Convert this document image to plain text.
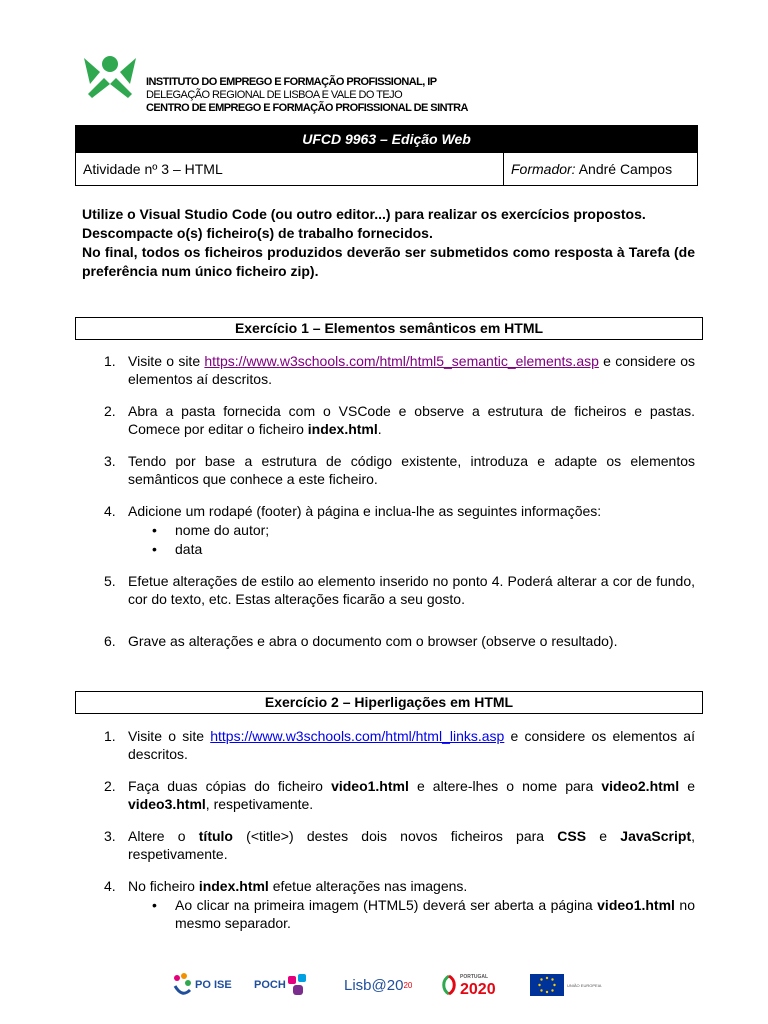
INSTITUTO DO EMPREGO E FORMAÇÃO PROFISSIONAL, IP
DELEGAÇÃO REGIONAL DE LISBOA E VALE DO TEJO
CENTRO DE EMPREGO E FORMAÇÃO PROFISSIONAL DE SINTRA
UFCD 9963 – Edição Web
Atividade nº 3 – HTML	Formador: André Campos

Utilize o Visual Studio Code (ou outro editor...) para realizar os exercícios propostos.

Descompacte o(s) ficheiro(s) de trabalho fornecidos.

No final, todos os ficheiros produzidos deverão ser submetidos como resposta à Tarefa (de preferência num único ficheiro zip).

Exercício 1 – Elementos semânticos em HTML
1. Visite o site https://www.w3schools.com/html/html5_semantic_elements.asp e considere os elementos aí descritos.
2. Abra a pasta fornecida com o VSCode e observe a estrutura de ficheiros e pastas. Comece por editar o ficheiro index.html.
3. Tendo por base a estrutura de código existente, introduza e adapte os elementos semânticos que conhece a este ficheiro.
4. Adicione um rodapé (footer) à página e inclua-lhe as seguintes informações:
• nome do autor;
• data
5. Efetue alterações de estilo ao elemento inserido no ponto 4. Poderá alterar a cor de fundo, cor do texto, etc. Estas alterações ficarão a seu gosto.
6. Grave as alterações e abra o documento com o browser (observe o resultado).
Exercício 2 – Hiperligações em HTML
1. Visite o site https://www.w3schools.com/html/html_links.asp e considere os elementos aí descritos.
2. Faça duas cópias do ficheiro video1.html e altere-lhes o nome para video2.html e video3.html, respetivamente.
3. Altere o título (<title>) destes dois novos ficheiros para CSS e JavaScript, respetivamente.
4. No ficheiro index.html efetue alterações nas imagens.
• Ao clicar na primeira imagem (HTML5) deverá ser aberta a página video1.html no mesmo separador.
PO ISE POCH	Lisb@20 20
PORTUGAL
2020	UNIÃO EUROPEIA
